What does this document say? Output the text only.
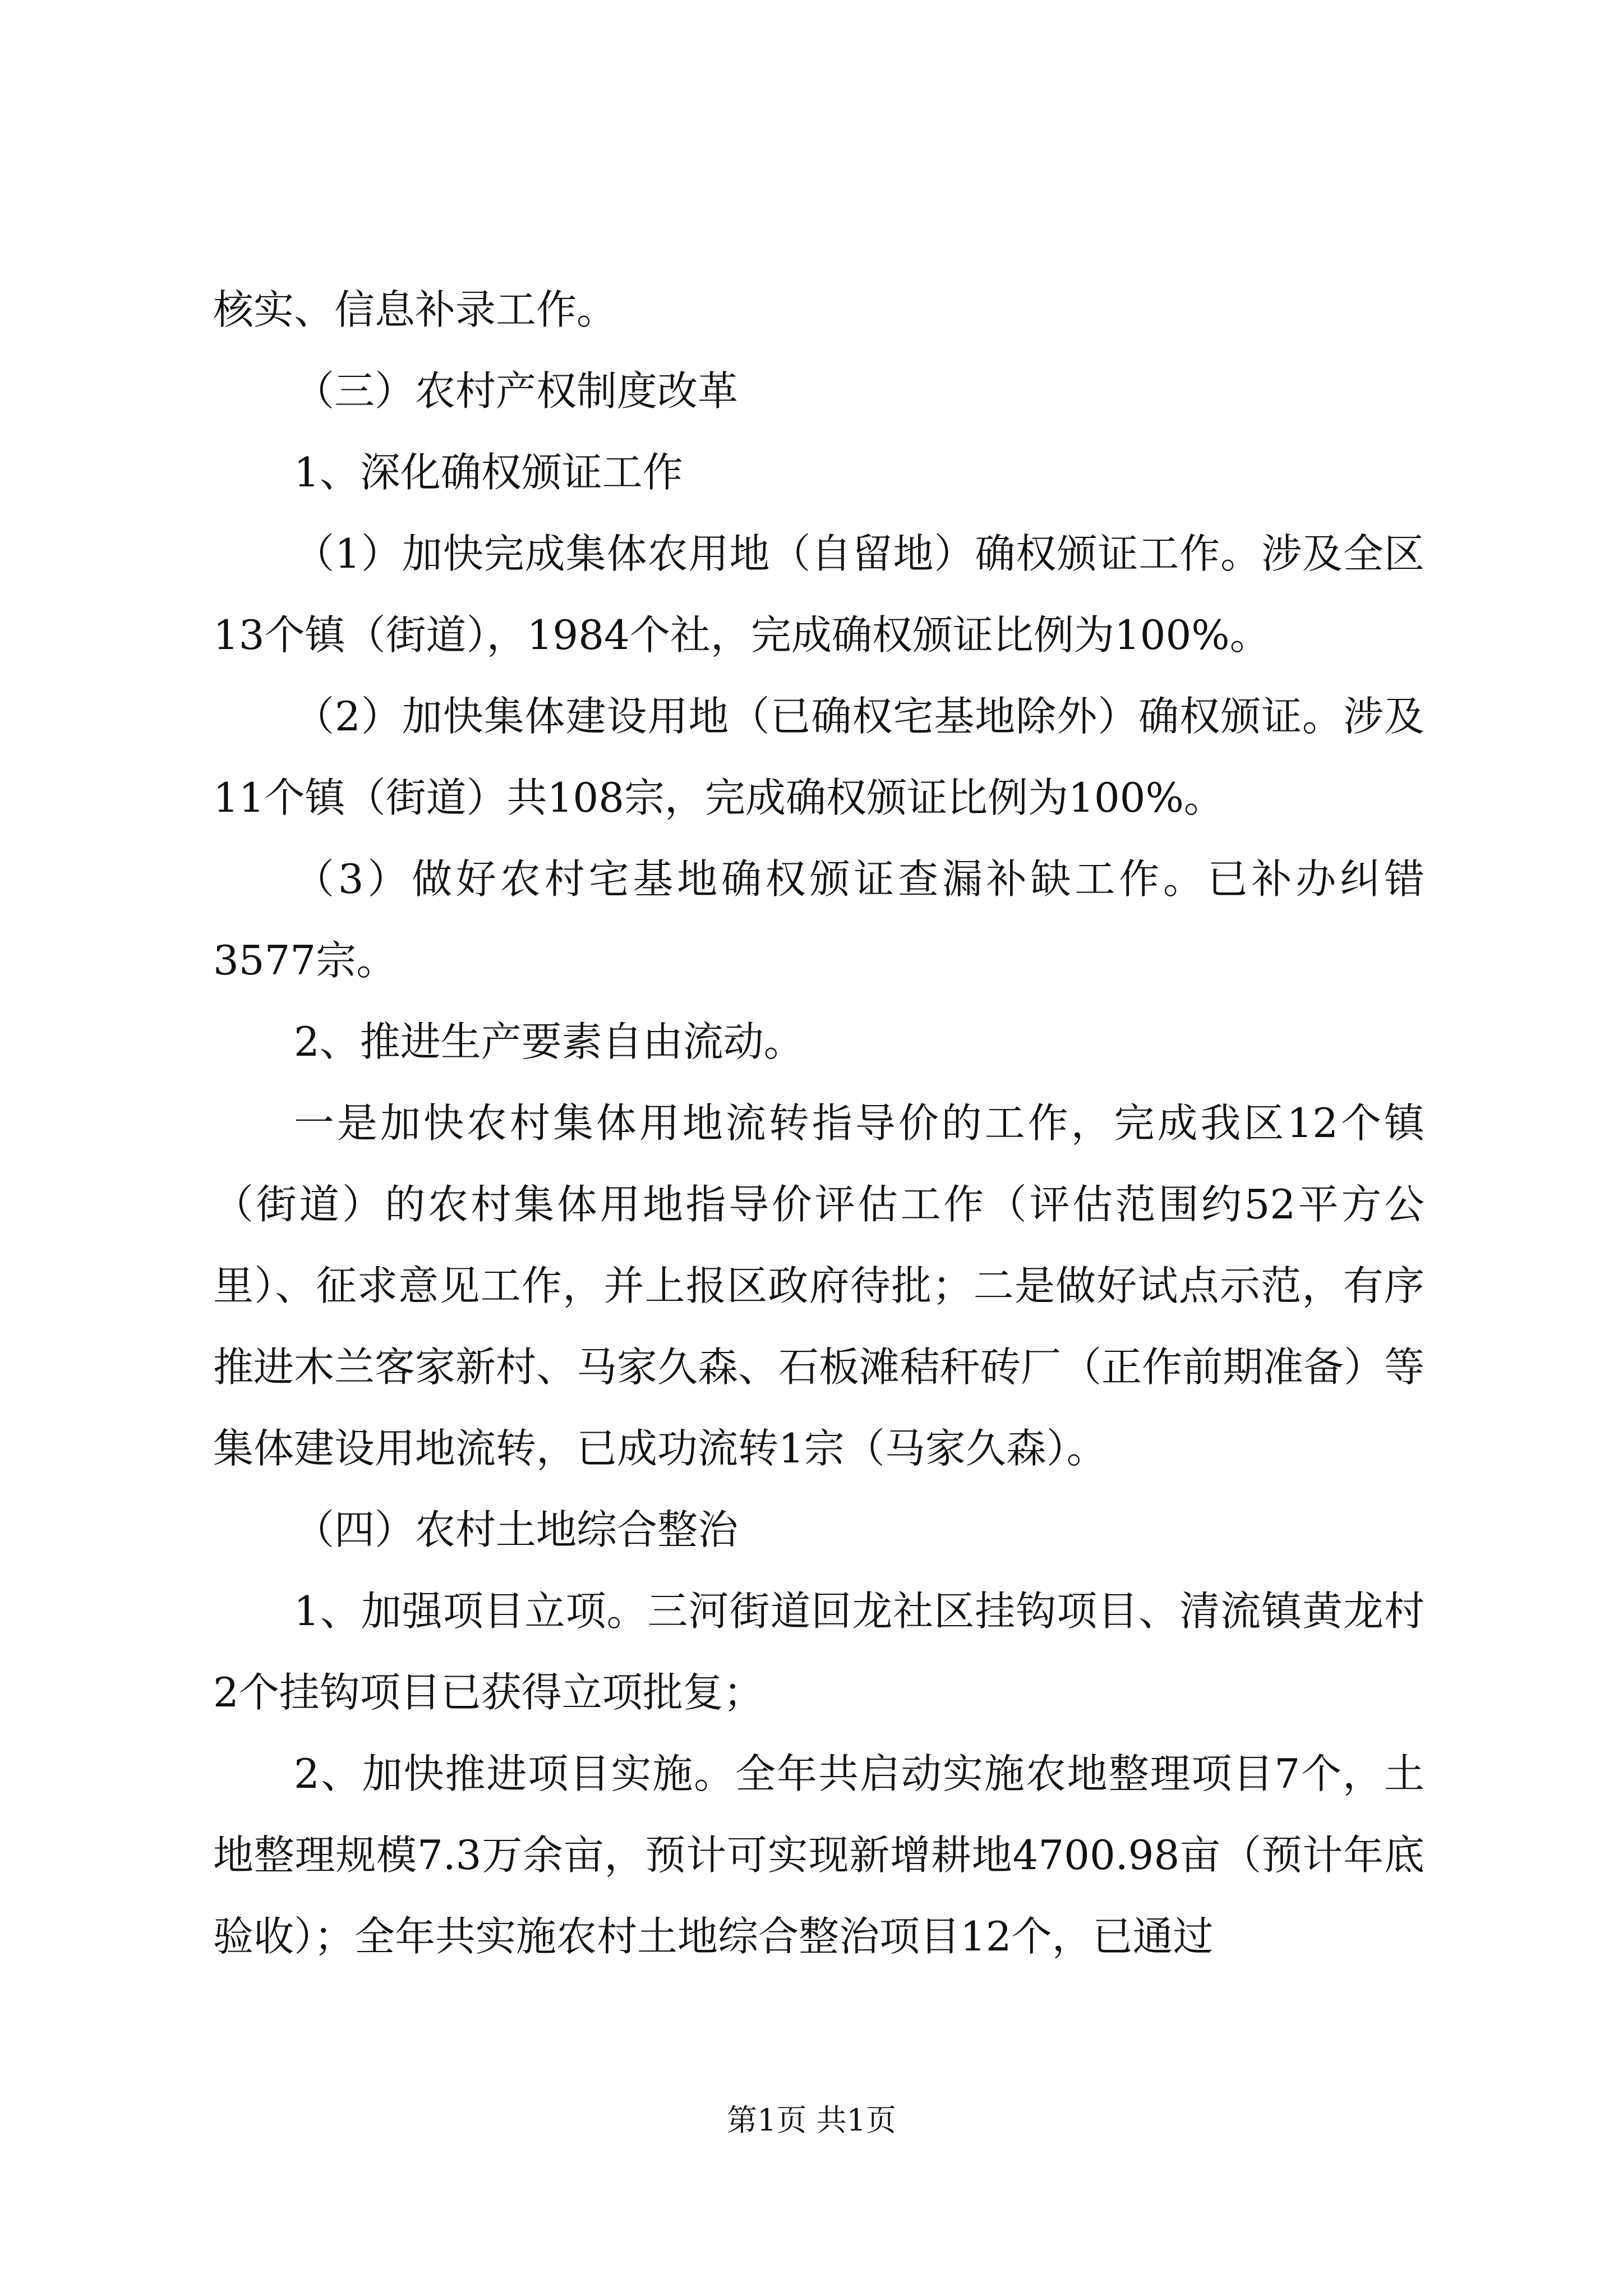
核实、信息补录工作。

（三）农村产权制度改革

1、深化确权颁证工作

（1）加快完成集体农用地（自留地）确权颁证工作。涉及全区13个镇（街道），1984个社，完成确权颁证比例为100%。

（2）加快集体建设用地（已确权宅基地除外）确权颁证。涉及11个镇（街道）共108宗，完成确权颁证比例为100%。

（3）做好农村宅基地确权颁证查漏补缺工作。已补办纠错3577宗。

2、推进生产要素自由流动。

一是加快农村集体用地流转指导价的工作，完成我区12个镇（街道）的农村集体用地指导价评估工作（评估范围约52平方公里）、征求意见工作，并上报区政府待批；二是做好试点示范，有序推进木兰客家新村、马家久森、石板滩秸秆砖厂（正作前期准备）等集体建设用地流转，已成功流转1宗（马家久森）。

（四）农村土地综合整治

1、加强项目立项。三河街道回龙社区挂钩项目、清流镇黄龙村2个挂钩项目已获得立项批复；

2、加快推进项目实施。全年共启动实施农地整理项目7个，土地整理规模7.3万余亩，预计可实现新增耕地4700.98亩（预计年底验收）；全年共实施农村土地综合整治项目12个，已通过

第1页 共1页
